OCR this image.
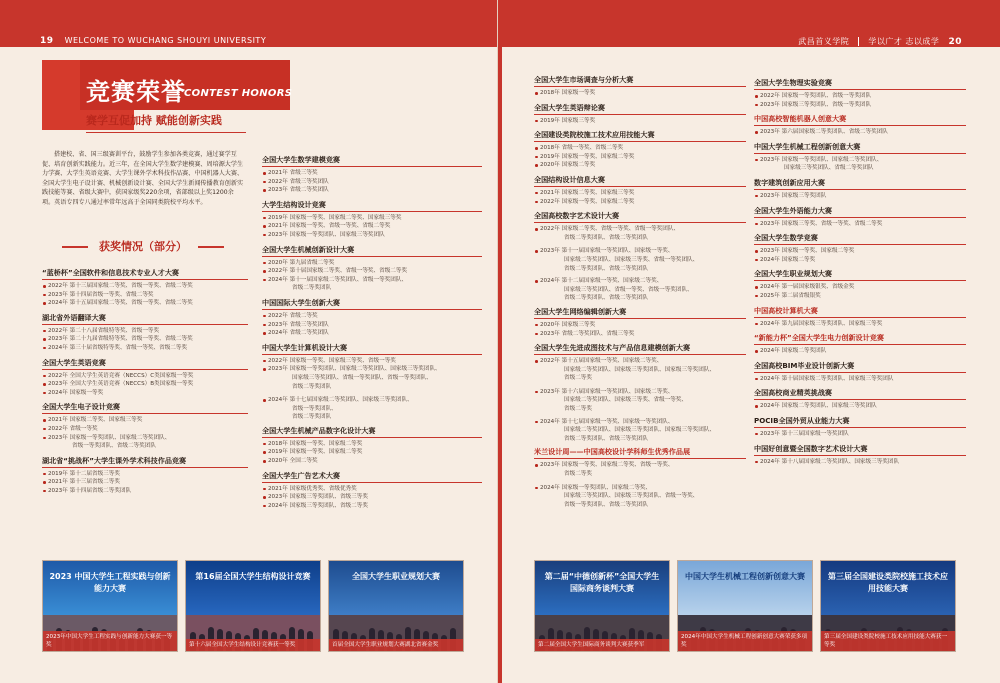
19 WELCOME TO WUCHANG SHOUYI UNIVERSITY
竞赛荣誉
CONTEST HONORS
赛学互促加持 赋能创新实践
搭建校、省、国三级赛训平台，鼓励学生参加各类竞赛，通过赛学互促、培育创新实践能力。近三年，在全国大学生数学建模赛、周培源大学生力学赛、大学生英语竞赛、大学生课外学术科技作品赛、中国机器人大赛、全国大学生电子设计赛、机械创新设计赛、全国大学生新闻传播教育创新实践技能等赛、省级大赛中，获国家级奖220余项，省部级以上奖1200余项。英语专四专八通过率常年远高于全国同类院校平均水平。
获奖情况（部分）
“蓝桥杯”全国软件和信息技术专业人才大赛
2022年 第十三届国家级二等奖、省级一等奖、省级二等奖
2023年 第十四届省级一等奖、省级二等奖
2024年 第十五届国家级二等奖、省级一等奖、省级二等奖
湖北省外语翻译大赛
2022年 第二十八届省级特等奖、省级一等奖
2023年 第二十九届省级特等奖、省级一等奖、省级二等奖
2024年 第三十届省级特等奖、省级一等奖、省级二等奖
全国大学生英语竞赛
2022年 全国大学生英语竞赛（NECCS）C类国家级一等奖
2023年 全国大学生英语竞赛（NECCS）B类国家级一等奖
2024年 国家级一等奖
全国大学生电子设计竞赛
2021年 国家级二等奖、国家级三等奖
2022年 省级一等奖
2023年 国家级一等奖团队、国家级二等奖团队、
省级一等奖团队、省级二等奖团队
湖北省“挑战杯”大学生课外学术科技作品竞赛
2019年 第十二届省级三等奖
2021年 第十三届省级二等奖
2023年 第十四届省级二等奖团队
全国大学生数学建模竞赛
2021年 省级三等奖
2022年 省级三等奖团队
2023年 省级二等奖团队
大学生结构设计竞赛
2019年 国家级一等奖、国家级二等奖、国家级三等奖
2021年 国家级一等奖、省级一等奖、省级二等奖
2023年 国家级一等奖团队、国家级三等奖团队
全国大学生机械创新设计大赛
2020年 第九届省级二等奖
2022年 第十届国家级二等奖、省级一等奖、省级二等奖
2024年 第十一届国家级二等奖团队、省级一等奖团队、
省级二等奖团队
中国国际大学生创新大赛
2022年 省级二等奖
2023年 省级三等奖团队
2024年 省级二等奖团队
中国大学生计算机设计大赛
2022年 国家级一等奖、国家级三等奖、省级一等奖
2023年 国家级一等奖团队、国家级二等奖团队、国家级三等奖团队、
国家级三等奖团队、省级一等奖团队、省级一等奖团队、
省级二等奖团队
2024年 第十七届国家级二等奖团队、国家级三等奖团队、
省级一等奖团队、
省级二等奖团队
全国大学生机械产品数字化设计大赛
2018年 国家级一等奖、国家级二等奖
2019年 国家级一等奖、国家级二等奖
2020年 全国二等奖
全国大学生广告艺术大赛
2021年 国家级优秀奖、省级优秀奖
2023年 国家级三等奖团队、省级三等奖
2024年 国家级三等奖团队、省级二等奖
2023 中国大学生工程实践与创新能力大赛
2023年中国大学生工程实践与创新能力大赛获一等奖
第16届全国大学生结构设计竞赛
第十六届全国大学生结构设计竞赛获一等奖
全国大学生职业规划大赛
首届全国大学生职业规划大赛湖北省赛金奖
武昌首义学院 学以广才 志以成学 20
全国大学生市场调查与分析大赛
2018年 国家级一等奖
全国大学生英语辩论赛
2019年 国家级三等奖
全国建设类院校施工技术应用技能大赛
2018年 省级一等奖、省级二等奖
2019年 国家级一等奖、国家级二等奖
2020年 国家级二等奖
全国结构设计信息大赛
2021年 国家级二等奖、国家级三等奖
2022年 国家级一等奖、国家级二等奖
全国高校数字艺术设计大赛
2022年 国家级二等奖、省级一等奖、省级一等奖团队、
省级二等奖团队、省级二等奖团队
2023年 第十一届国家级一等奖团队、国家级一等奖、
国家级二等奖团队、国家级三等奖、省级一等奖团队、
省级二等奖团队、省级二等奖团队
2024年 第十二届国家级一等奖、国家级二等奖、
国家级三等奖团队、省级一等奖、省级一等奖团队、
省级二等奖团队、省级二等奖团队
全国大学生网络编辑创新大赛
2020年 国家级三等奖
2023年 省级二等奖团队、省级三等奖
全国大学生先进成图技术与产品信息建模创新大赛
2022年 第十五届国家级一等奖、国家级二等奖、
国家级二等奖团队、国家级三等奖团队、国家级三等奖团队、
省级二等奖
2023年 第十六届国家级一等奖团队、国家级二等奖、
国家级二等奖团队、国家级三等奖、省级一等奖、
省级二等奖
2024年 第十七届国家级一等奖、国家级一等奖团队、
国家级二等奖团队、国家级三等奖团队、国家级三等奖团队、
省级二等奖团队、省级三等奖团队
米兰设计周——中国高校设计学科师生优秀作品展
2023年 国家级一等奖、国家级二等奖、省级一等奖、
省级二等奖
2024年 国家级一等奖团队、国家级二等奖、
国家级三等奖团队、国家级三等奖团队、省级一等奖、
省级一等奖团队、省级二等奖团队
全国大学生物理实验竞赛
2022年 国家级一等奖团队、省级一等奖团队
2023年 国家级三等奖团队、省级一等奖团队
中国高校智能机器人创意大赛
2023年 第六届国家级二等奖团队、省级二等奖团队
中国大学生机械工程创新创意大赛
2023年 国家级一等奖团队、国家级二等奖团队、
国家级三等奖团队、省级二等奖团队
数字建筑创新应用大赛
2023年 国家级三等奖团队
全国大学生外语能力大赛
2023年 国家级三等奖、省级一等奖、省级二等奖
全国大学生数学竞赛
2023年 国家级一等奖、国家级二等奖
2024年 国家级二等奖
全国大学生职业规划大赛
2024年 第一届国家级银奖、省级金奖
2025年 第二届省级银奖
中国高校计算机大赛
2024年 第九届国家级三等奖团队、国家级三等奖
“新能力杯”全国大学生电力创新设计竞赛
2024年 国家级二等奖团队
全国高校BIM毕业设计创新大赛
2024年 第十届国家级二等奖团队、国家级三等奖团队
全国高校商业精英挑战赛
2024年 国家级二等奖团队、国家级三等奖团队
POCIB全国外贸从业能力大赛
2023年 第十三届国家级一等奖团队
中国好创意暨全国数字艺术设计大赛
2024年 第十八届国家级二等奖团队、国家级三等奖团队
第二届“中德创新杯”全国大学生国际商务谈判大赛
第二届全国大学生国际商务谈判大赛获季军
中国大学生机械工程创新创意大赛
2024年中国大学生机械工程创新创意大赛荣获多项奖
第三届全国建设类院校施工技术应用技能大赛
第三届全国建设类院校施工技术应用技能大赛获一等奖
